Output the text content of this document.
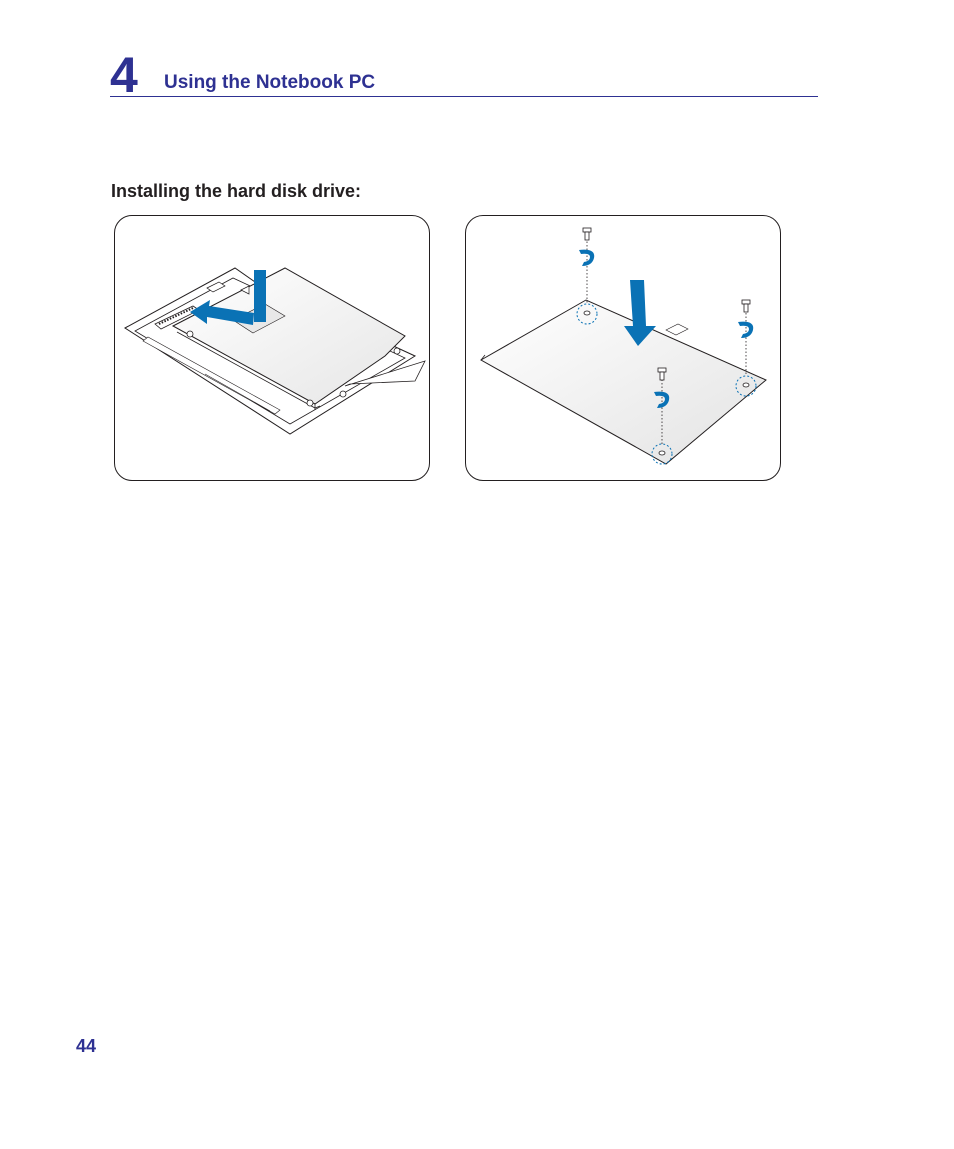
4 Using the Notebook PC
Installing the hard disk drive:
44
